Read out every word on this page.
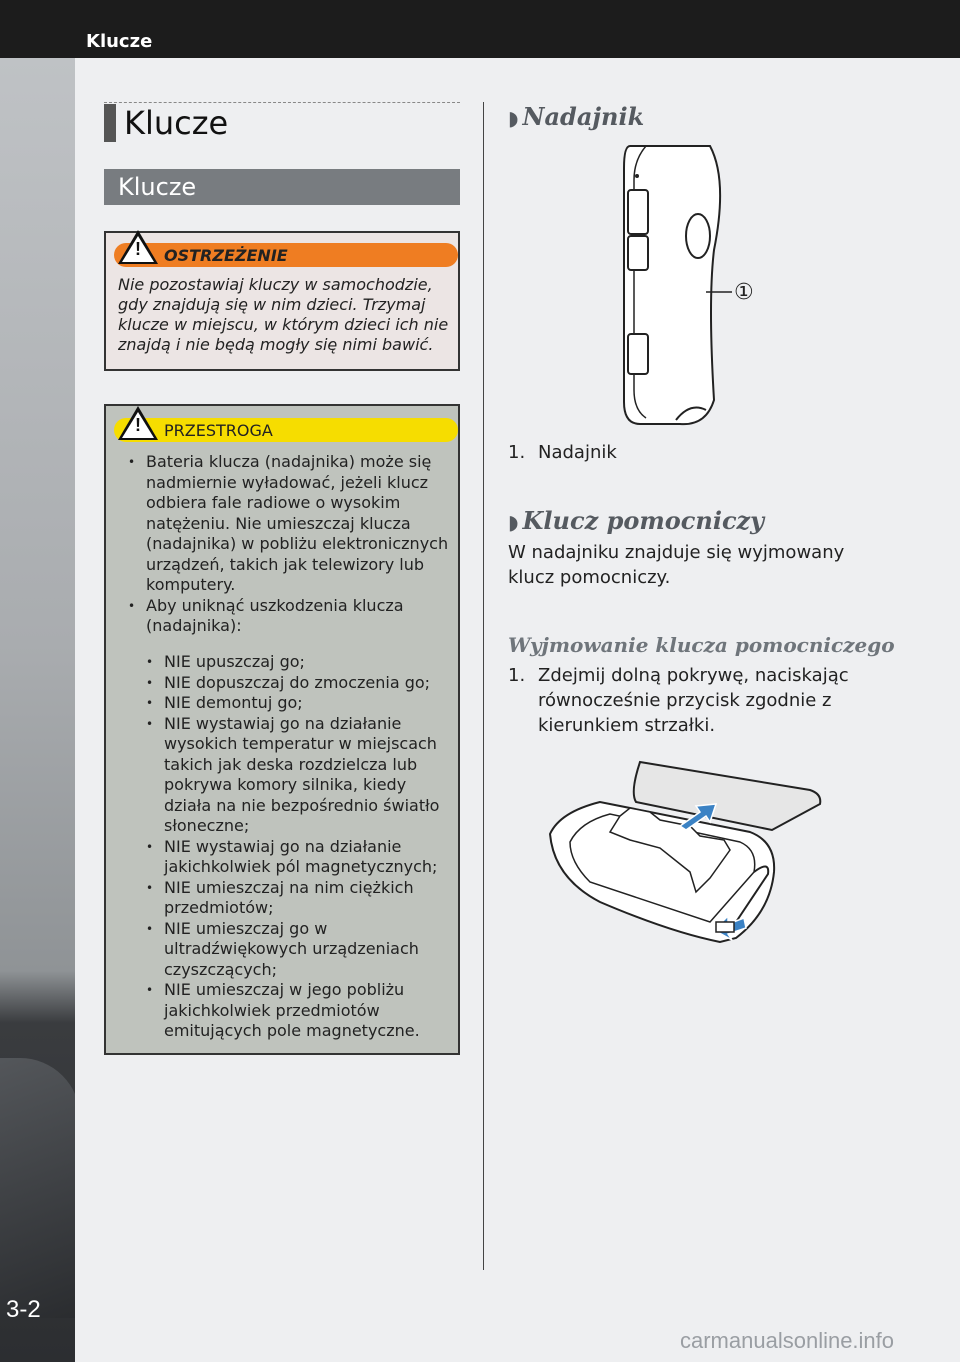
Klucze
3-2
Klucze
Klucze
! OSTRZEŻENIE
Nie pozostawiaj kluczy w samochodzie, gdy znajdują się w nim dzieci. Trzymaj klucze w miejscu, w którym dzieci ich nie znajdą i nie będą mogły się nimi bawić.
! PRZESTROGA
• Bateria klucza (nadajnika) może się nadmiernie wyładować, jeżeli klucz odbiera fale radiowe o wysokim natężeniu. Nie umieszczaj klucza (nadajnika) w pobliżu elektronicznych urządzeń, takich jak telewizory lub komputery.
• Aby uniknąć uszkodzenia klucza (nadajnika):
• NIE upuszczaj go;
• NIE dopuszczaj do zmoczenia go;
• NIE demontuj go;
• NIE wystawiaj go na działanie wysokich temperatur w miejscach takich jak deska rozdzielcza lub pokrywa komory silnika, kiedy działa na nie bezpośrednio światło słoneczne;
• NIE wystawiaj go na działanie jakichkolwiek pól magnetycznych;
• NIE umieszczaj na nim ciężkich przedmiotów;
• NIE umieszczaj go w ultradźwiękowych urządzeniach czyszczących;
• NIE umieszczaj w jego pobliżu jakichkolwiek przedmiotów emitujących pole magnetyczne.
◗ Nadajnik
①
1. Nadajnik
◗ Klucz pomocniczy
W nadajniku znajduje się wyjmowany klucz pomocniczy.
Wyjmowanie klucza pomocniczego
1. Zdejmij dolną pokrywę, naciskając równocześnie przycisk zgodnie z kierunkiem strzałki.
carmanualsonline.info
